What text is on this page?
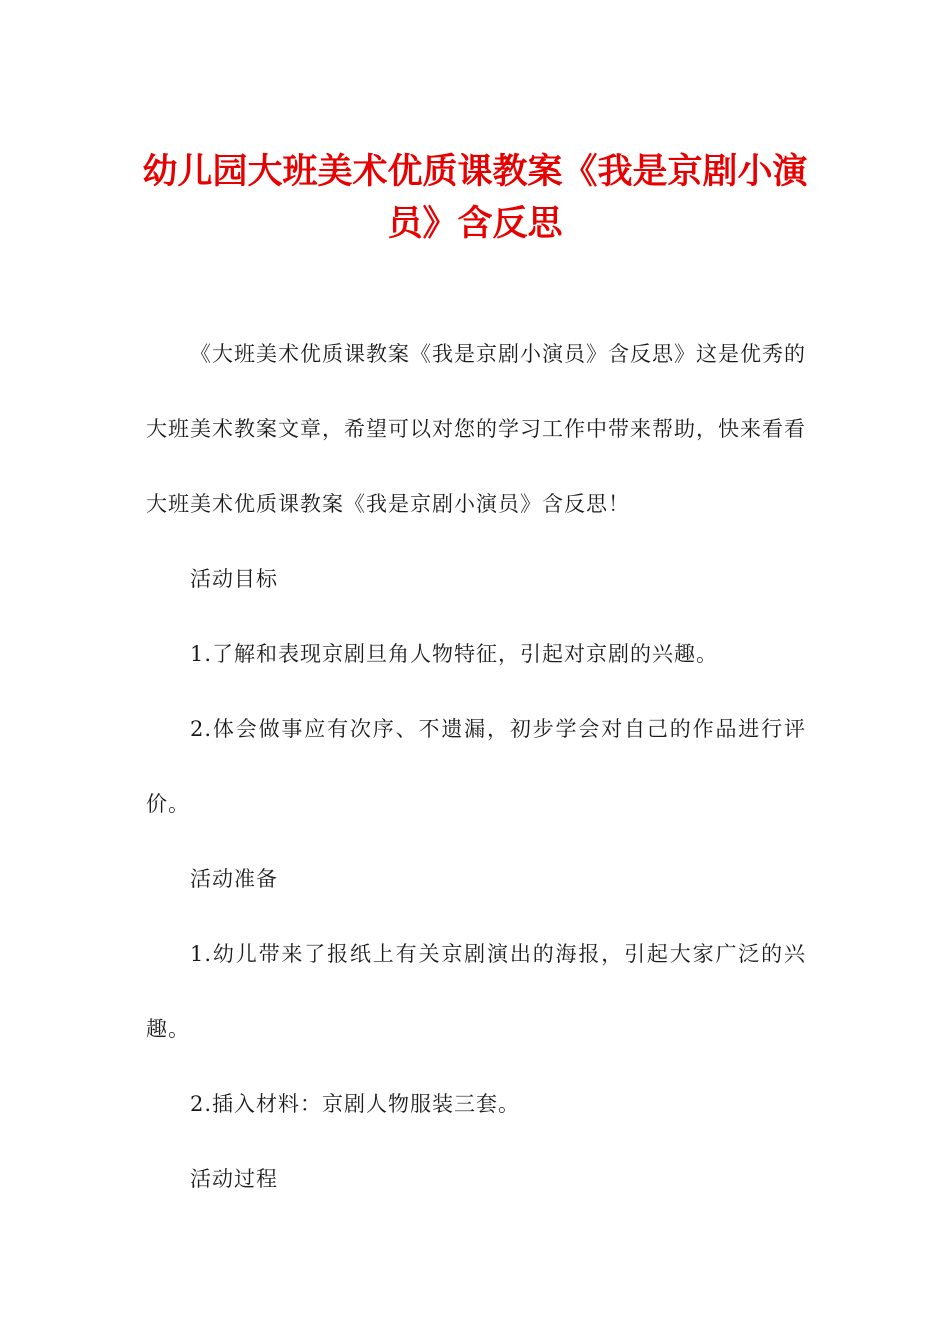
幼儿园大班美术优质课教案《我是京剧小演员》含反思

《大班美术优质课教案《我是京剧小演员》含反思》这是优秀的大班美术教案文章，希望可以对您的学习工作中带来帮助，快来看看大班美术优质课教案《我是京剧小演员》含反思！

活动目标

1.了解和表现京剧旦角人物特征，引起对京剧的兴趣。

2.体会做事应有次序、不遗漏，初步学会对自己的作品进行评价。

活动准备

1.幼儿带来了报纸上有关京剧演出的海报，引起大家广泛的兴趣。

2.插入材料：京剧人物服装三套。

活动过程
